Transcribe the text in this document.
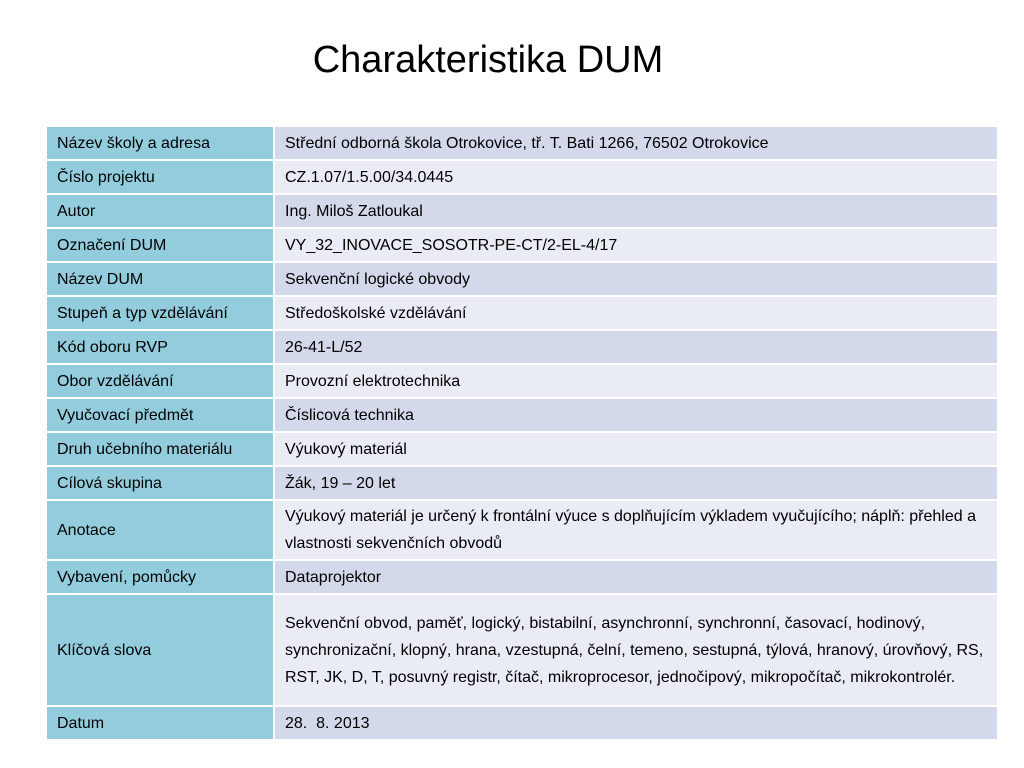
Charakteristika DUM
Název školy a adresa	Střední odborná škola Otrokovice, tř. T. Bati 1266, 76502 Otrokovice
Číslo projektu	CZ.1.07/1.5.00/34.0445
Autor	Ing. Miloš Zatloukal
Označení DUM	VY_32_INOVACE_SOSOTR-PE-CT/2-EL-4/17
Název DUM	Sekvenční logické obvody
Stupeň a typ vzdělávání	Středoškolské vzdělávání
Kód oboru RVP	26-41-L/52
Obor vzdělávání	Provozní elektrotechnika
Vyučovací předmět	Číslicová technika
Druh učebního materiálu	Výukový materiál
Cílová skupina	Žák, 19 – 20 let
Anotace	Výukový materiál je určený k frontální výuce s doplňujícím výkladem vyučujícího; náplň: přehled a vlastnosti sekvenčních obvodů
Vybavení, pomůcky	Dataprojektor
Klíčová slova	Sekvenční obvod, paměť, logický, bistabilní, asynchronní, synchronní, časovací, hodinový, synchronizační, klopný, hrana, vzestupná, čelní, temeno, sestupná, týlová, hranový, úrovňový, RS, RST, JK, D, T, posuvný registr, čítač, mikroprocesor, jednočipový, mikropočítač, mikrokontrolér.
Datum	28.  8. 2013
